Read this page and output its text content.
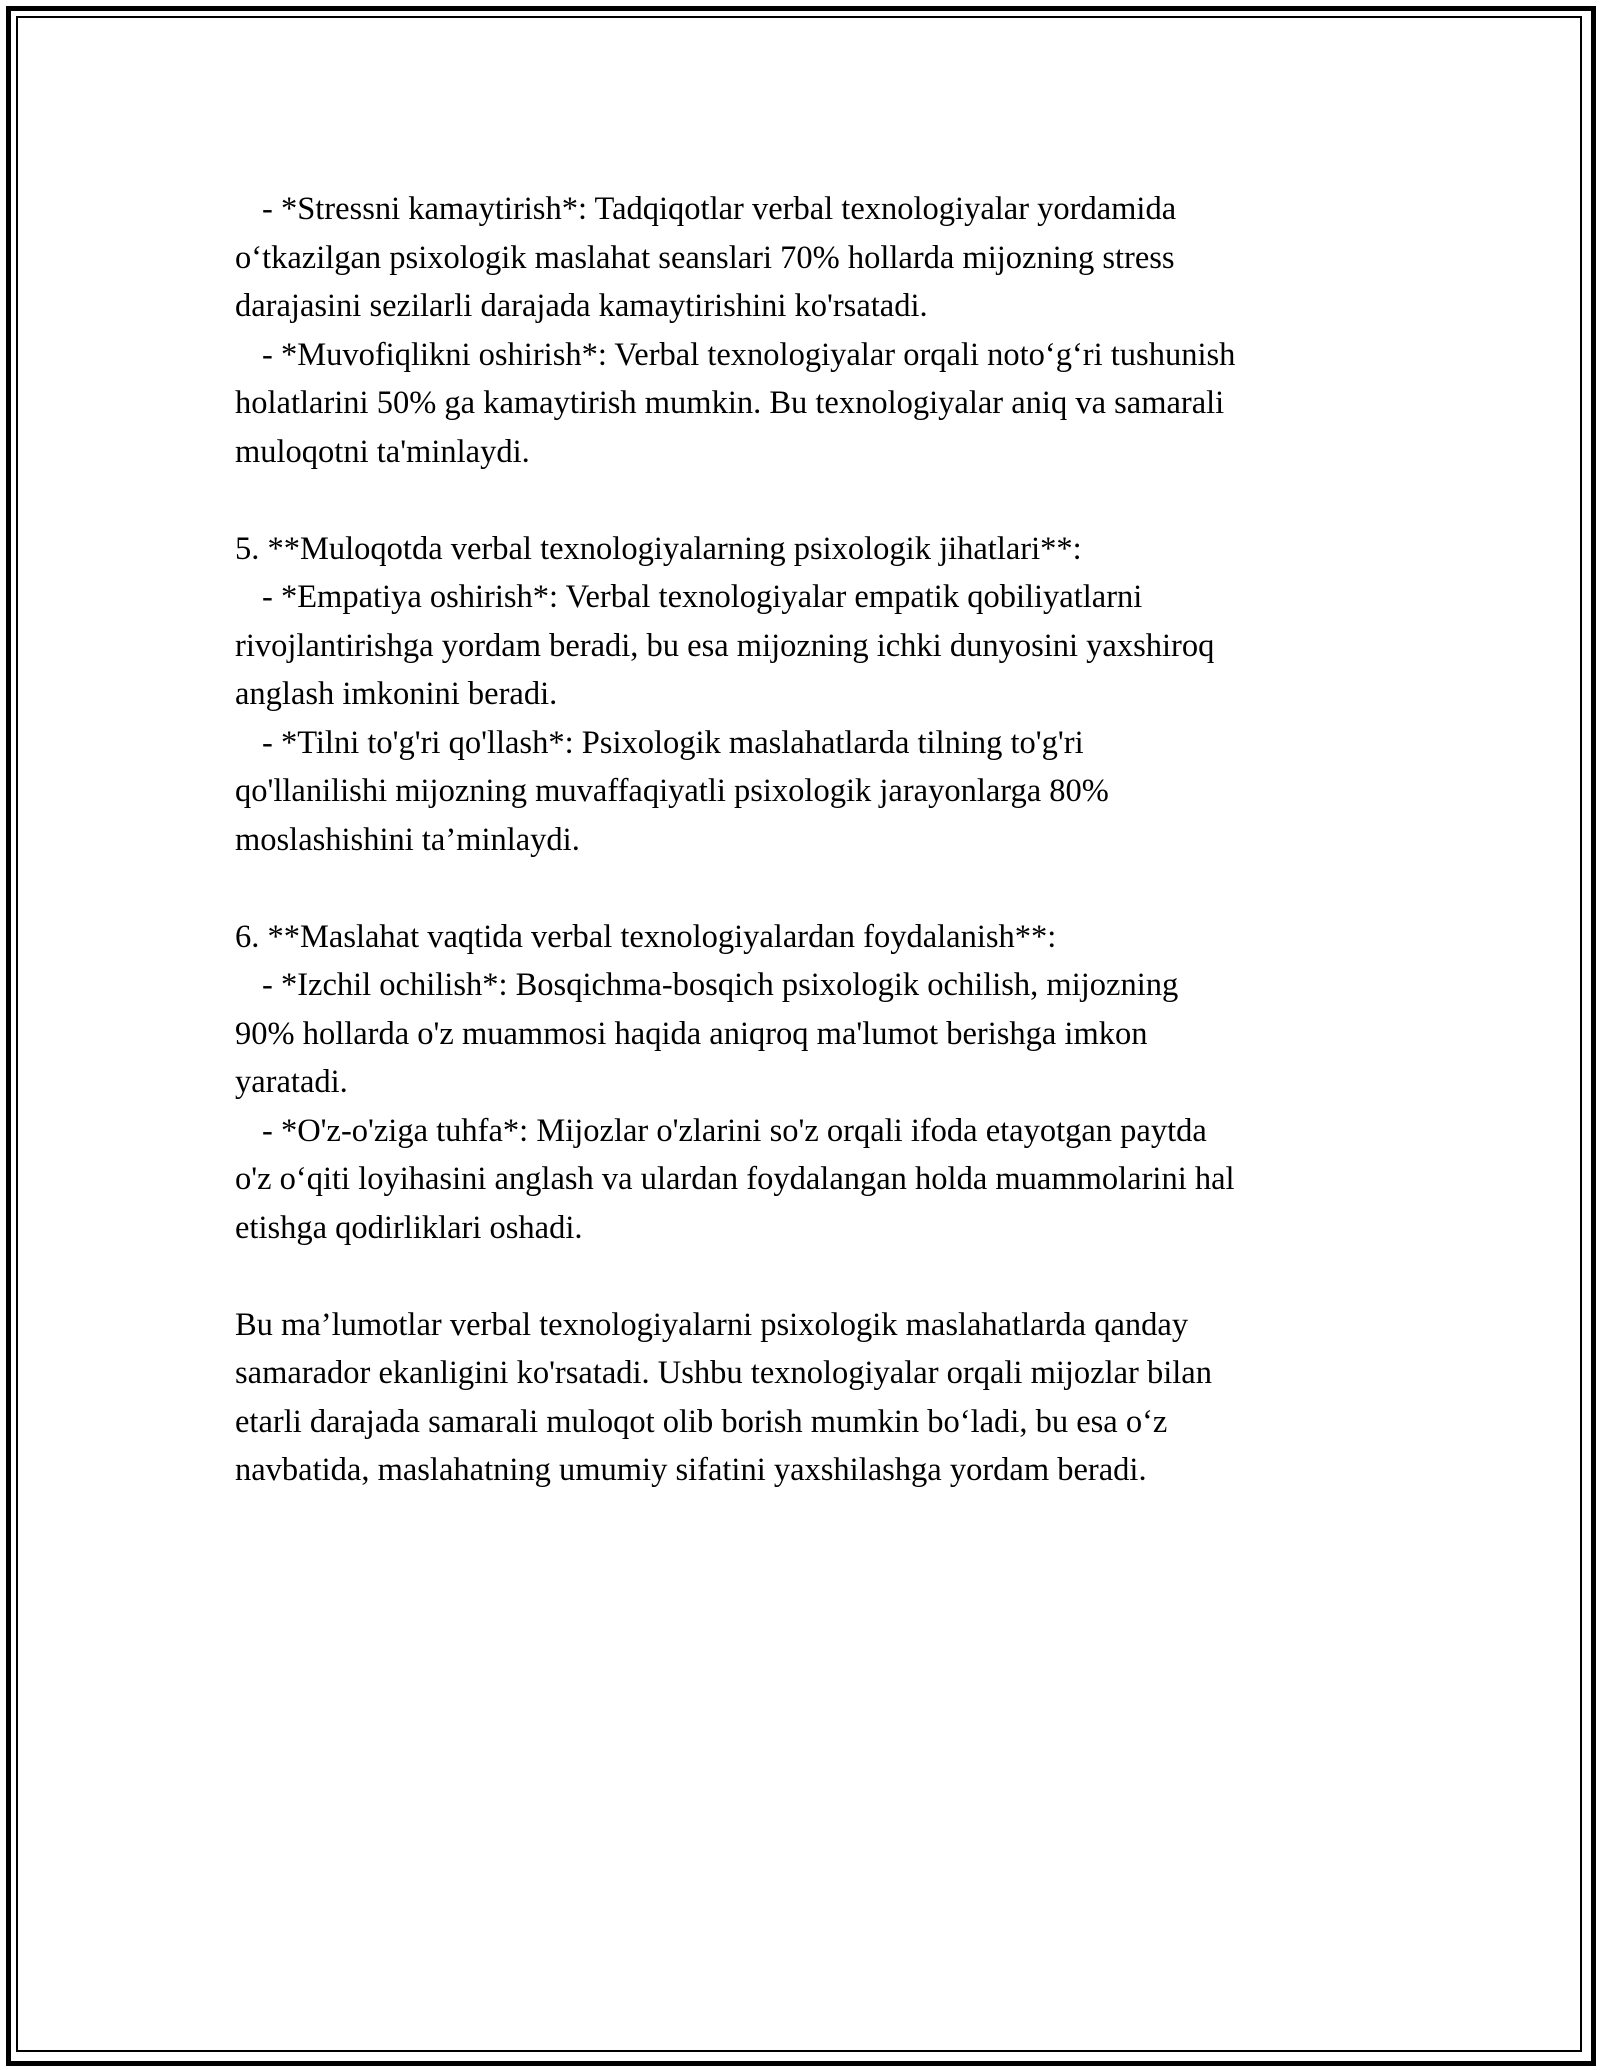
- *Stressni kamaytirish*: Tadqiqotlar verbal texnologiyalar yordamida
o‘tkazilgan psixologik maslahat seanslari 70% hollarda mijozning stress
darajasini sezilarli darajada kamaytirishini ko'rsatadi.
- *Muvofiqlikni oshirish*: Verbal texnologiyalar orqali noto‘g‘ri tushunish
holatlarini 50% ga kamaytirish mumkin. Bu texnologiyalar aniq va samarali
muloqotni ta'minlaydi.
5. **Muloqotda verbal texnologiyalarning psixologik jihatlari**:
- *Empatiya oshirish*: Verbal texnologiyalar empatik qobiliyatlarni
rivojlantirishga yordam beradi, bu esa mijozning ichki dunyosini yaxshiroq
anglash imkonini beradi.
- *Tilni to'g'ri qo'llash*: Psixologik maslahatlarda tilning to'g'ri
qo'llanilishi mijozning muvaffaqiyatli psixologik jarayonlarga 80%
moslashishini ta’minlaydi.
6. **Maslahat vaqtida verbal texnologiyalardan foydalanish**:
- *Izchil ochilish*: Bosqichma-bosqich psixologik ochilish, mijozning
90% hollarda o'z muammosi haqida aniqroq ma'lumot berishga imkon
yaratadi.
- *O'z-o'ziga tuhfa*: Mijozlar o'zlarini so'z orqali ifoda etayotgan paytda
o'z o‘qiti loyihasini anglash va ulardan foydalangan holda muammolarini hal
etishga qodirliklari oshadi.
Bu ma’lumotlar verbal texnologiyalarni psixologik maslahatlarda qanday
samarador ekanligini ko'rsatadi. Ushbu texnologiyalar orqali mijozlar bilan
etarli darajada samarali muloqot olib borish mumkin bo‘ladi, bu esa o‘z
navbatida, maslahatning umumiy sifatini yaxshilashga yordam beradi.
